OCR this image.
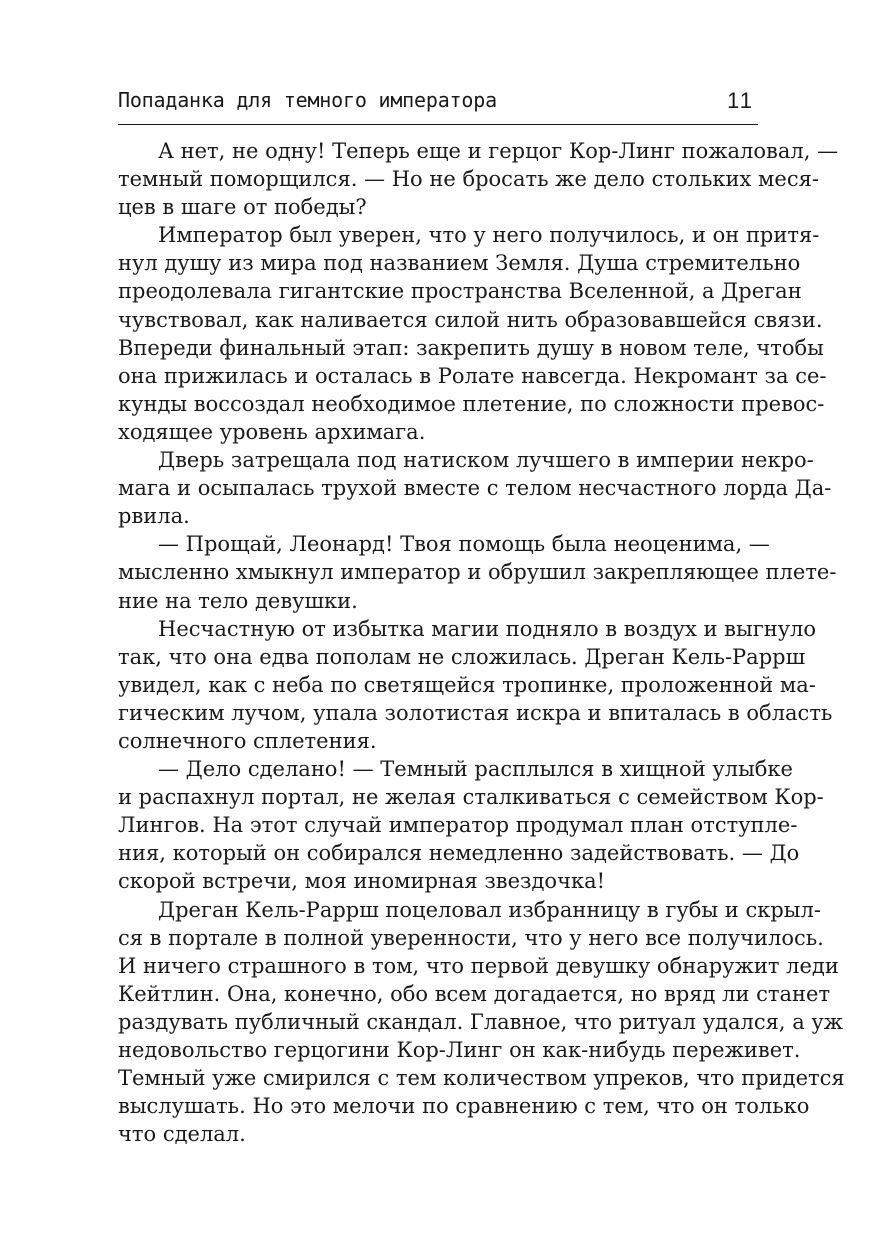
Попаданка для темного императора	11
А нет, не одну! Теперь еще и герцог Кор-Линг пожаловал, —
темный поморщился. — Но не бросать же дело стольких меся-
цев в шаге от победы?
Император был уверен, что у него получилось, и он притя-
нул душу из мира под названием Земля. Душа стремительно
преодолевала гигантские пространства Вселенной, а Дреган
чувствовал, как наливается силой нить образовавшейся связи.
Впереди финальный этап: закрепить душу в новом теле, чтобы
она прижилась и осталась в Ролате навсегда. Некромант за се-
кунды воссоздал необходимое плетение, по сложности превос-
ходящее уровень архимага.
Дверь затрещала под натиском лучшего в империи некро-
мага и осыпалась трухой вместе с телом несчастного лорда Да-
рвила.
— Прощай, Леонард! Твоя помощь была неоценима, —
мысленно хмыкнул император и обрушил закрепляющее плете-
ние на тело девушки.
Несчастную от избытка магии подняло в воздух и выгнуло
так, что она едва пополам не сложилась. Дреган Кель-Раррш
увидел, как с неба по светящейся тропинке, проложенной ма-
гическим лучом, упала золотистая искра и впиталась в область
солнечного сплетения.
— Дело сделано! — Темный расплылся в хищной улыбке
и распахнул портал, не желая сталкиваться с семейством Кор-
Лингов. На этот случай император продумал план отступле-
ния, который он собирался немедленно задействовать. — До
скорой встречи, моя иномирная звездочка!
Дреган Кель-Раррш поцеловал избранницу в губы и скрыл-
ся в портале в полной уверенности, что у него все получилось.
И ничего страшного в том, что первой девушку обнаружит леди
Кейтлин. Она, конечно, обо всем догадается, но вряд ли станет
раздувать публичный скандал. Главное, что ритуал удался, а уж
недовольство герцогини Кор-Линг он как-нибудь переживет.
Темный уже смирился с тем количеством упреков, что придется
выслушать. Но это мелочи по сравнению с тем, что он только
что сделал.
